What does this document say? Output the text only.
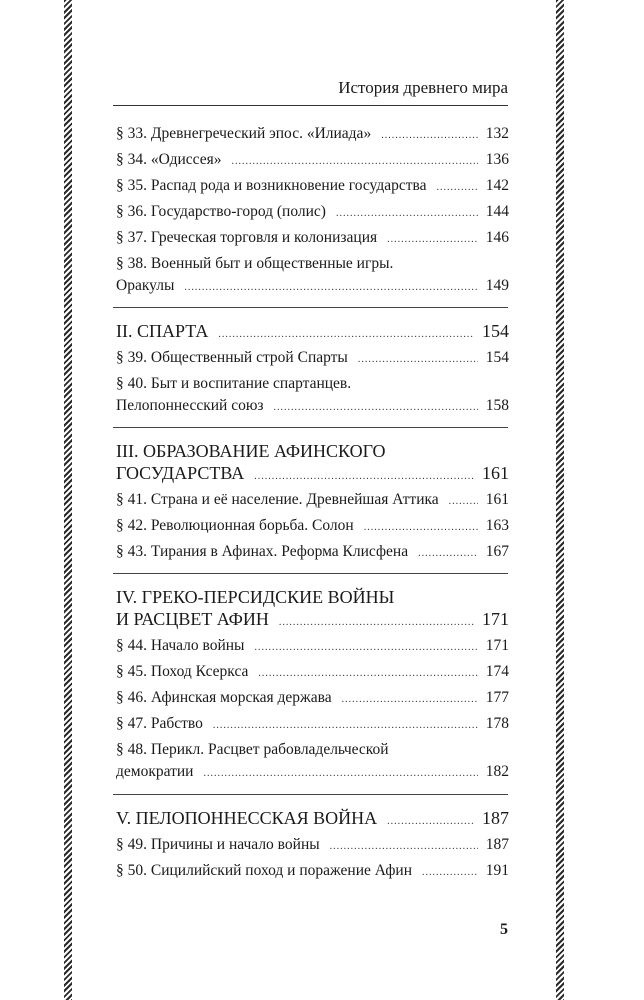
История древнего мира
§ 33. Древнегреческий эпос. «Илиада» .....	132
§ 34. «Одиссея» .....	136
§ 35. Распад рода и возникновение государства .....	142
§ 36. Государство-город (полис) .....	144
§ 37. Греческая торговля и колонизация .....	146
§ 38. Военный быт и общественные игры.
Оракулы .....	149
II. СПАРТА .....	154
§ 39. Общественный строй Спарты .....	154
§ 40. Быт и воспитание спартанцев.
Пелопоннесский союз .....	158
III. ОБРАЗОВАНИЕ АФИНСКОГО
ГОСУДАРСТВА .....	161
§ 41. Страна и её население. Древнейшая Аттика .....	161
§ 42. Революционная борьба. Солон .....	163
§ 43. Тирания в Афинах. Реформа Клисфена .....	167
IV. ГРЕКО-ПЕРСИДСКИЕ ВОЙНЫ
И РАСЦВЕТ АФИН .....	171
§ 44. Начало войны .....	171
§ 45. Поход Ксеркса .....	174
§ 46. Афинская морская держава .....	177
§ 47. Рабство .....	178
§ 48. Перикл. Расцвет рабовладельческой
демократии .....	182
V. ПЕЛОПОННЕССКАЯ ВОЙНА .....	187
§ 49. Причины и начало войны .....	187
§ 50. Сицилийский поход и поражение Афин .....	191
5
